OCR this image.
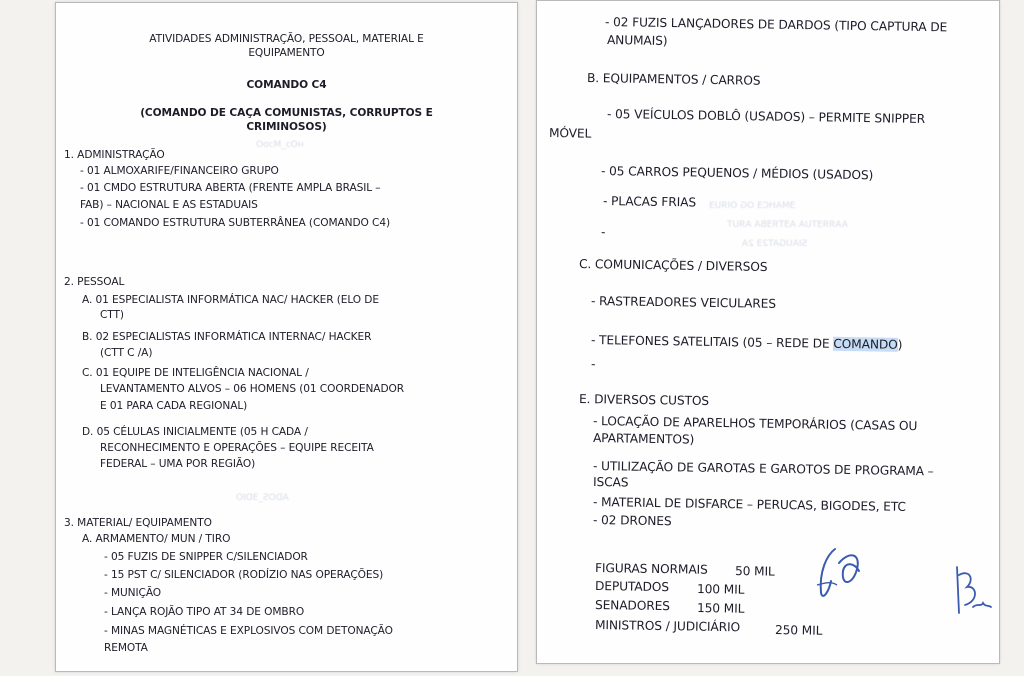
ʜOᴐ_MᴐᴅO
ADOS_ƎDIO

ATIVIDADES ADMINISTRAÇÃO, PESSOAL, MATERIAL E

EQUIPAMENTO

COMANDO C4

(COMANDO DE CAÇA COMUNISTAS, CORRUPTOS E

CRIMINOSOS)

1. ADMINISTRAÇÃO

- 01 ALMOXARIFE/FINANCEIRO GRUPO

- 01 CMDO ESTRUTURA ABERTA (FRENTE AMPLA BRASIL –

FAB) – NACIONAL E AS ESTADUAIS

- 01 COMANDO ESTRUTURA SUBTERRÂNEA (COMANDO C4)

2. PESSOAL

A. 01 ESPECIALISTA INFORMÁTICA NAC/ HACKER (ELO DE

CTT)

B. 02 ESPECIALISTAS INFORMÁTICA INTERNAC/ HACKER

(CTT C /A)

C. 01 EQUIPE DE INTELIGÊNCIA NACIONAL /

LEVANTAMENTO ALVOS – 06 HOMENS (01 COORDENADOR

E 01 PARA CADA REGIONAL)

D. 05 CÉLULAS INICIALMENTE (05 H CADA /

RECONHECIMENTO E OPERAÇÕES – EQUIPE RECEITA

FEDERAL – UMA POR REGIÃO)

3. MATERIAL/ EQUIPAMENTO

A. ARMAMENTO/ MUN / TIRO

- 05 FUZIS DE SNIPPER C/SILENCIADOR

- 15 PST C/ SILENCIADOR (RODÍZIO NAS OPERAÇÕES)

- MUNIÇÃO

- LANÇA ROJÃO TIPO AT 34 DE OMBRO

- MINAS MAGNÉTICAS E EXPLOSIVOS COM DETONAÇÃO

REMOTA

ƎMAHCƎ OG OIЯUƎ
AAЯЯƎTUA AƎTЯƎBA AЯUT
SIAUGAT2Ǝ 2A

- 02 FUZIS LANÇADORES DE DARDOS (TIPO CAPTURA DE

ANUMAIS)

B. EQUIPAMENTOS / CARROS

- 05 VEÍCULOS DOBLÔ (USADOS) – PERMITE SNIPPER

MÓVEL

- 05 CARROS PEQUENOS / MÉDIOS (USADOS)

- PLACAS FRIAS

-

C. COMUNICAÇÕES / DIVERSOS

- RASTREADORES VEICULARES

- TELEFONES SATELITAIS (05 – REDE DE COMANDO)

-

E. DIVERSOS CUSTOS

- LOCAÇÃO DE APARELHOS TEMPORÁRIOS (CASAS OU

APARTAMENTOS)

- UTILIZAÇÃO DE GAROTAS E GAROTOS DE PROGRAMA –

ISCAS

- MATERIAL DE DISFARCE – PERUCAS, BIGODES, ETC

- 02 DRONES

FIGURAS NORMAIS 50 MIL

DEPUTADOS 100 MIL

SENADORES 150 MIL

MINISTROS / JUDICIÁRIO	250 MIL
